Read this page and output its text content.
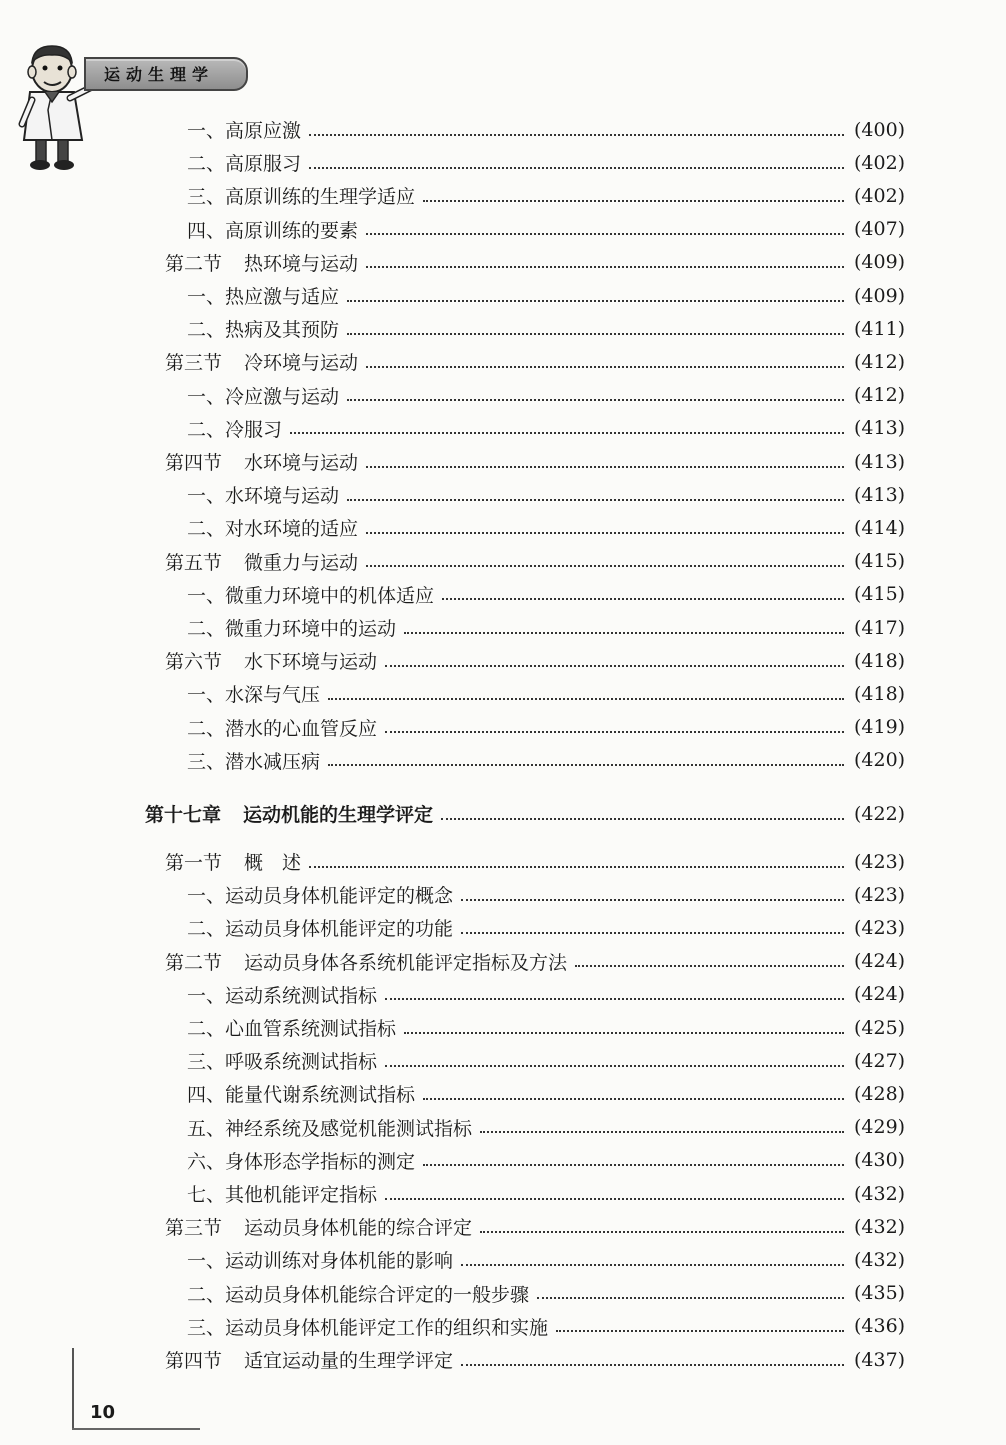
运动生理学
一、高原应激	(400)
二、高原服习	(402)
三、高原训练的生理学适应	(402)
四、高原训练的要素	(407)
第二节 热环境与运动	(409)
一、热应激与适应	(409)
二、热病及其预防	(411)
第三节 冷环境与运动	(412)
一、冷应激与运动	(412)
二、冷服习	(413)
第四节 水环境与运动	(413)
一、水环境与运动	(413)
二、对水环境的适应	(414)
第五节 微重力与运动	(415)
一、微重力环境中的机体适应	(415)
二、微重力环境中的运动	(417)
第六节 水下环境与运动	(418)
一、水深与气压	(418)
二、潜水的心血管反应	(419)
三、潜水减压病	(420)
第十七章 运动机能的生理学评定	(422)
第一节 概　述	(423)
一、运动员身体机能评定的概念	(423)
二、运动员身体机能评定的功能	(423)
第二节 运动员身体各系统机能评定指标及方法	(424)
一、运动系统测试指标	(424)
二、心血管系统测试指标	(425)
三、呼吸系统测试指标	(427)
四、能量代谢系统测试指标	(428)
五、神经系统及感觉机能测试指标	(429)
六、身体形态学指标的测定	(430)
七、其他机能评定指标	(432)
第三节 运动员身体机能的综合评定	(432)
一、运动训练对身体机能的影响	(432)
二、运动员身体机能综合评定的一般步骤	(435)
三、运动员身体机能评定工作的组织和实施	(436)
第四节 适宜运动量的生理学评定	(437)
10
